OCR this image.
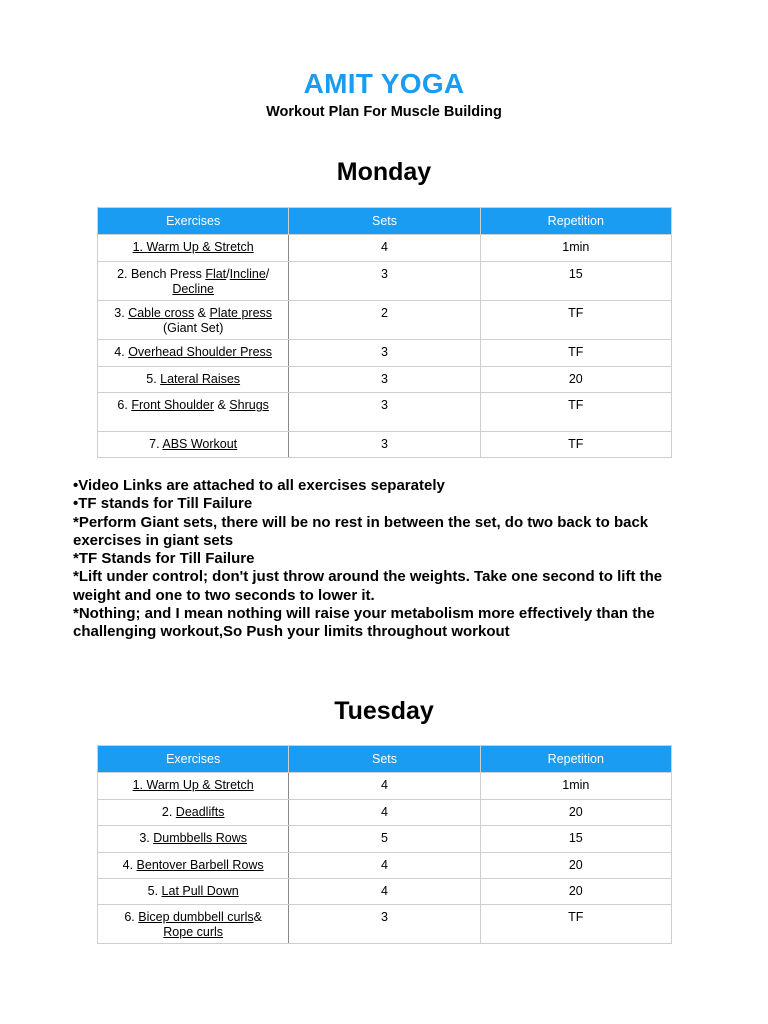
AMIT YOGA
Workout Plan For Muscle Building
Monday
Exercises	Sets	Repetition
1. Warm Up & Stretch	4	1min
2. Bench Press Flat/Incline/
Decline	3	15
3. Cable cross & Plate press
(Giant Set)	2	TF
4. Overhead Shoulder Press	3	TF
5. Lateral Raises	3	20
6. Front Shoulder & Shrugs	3	TF
7. ABS Workout	3	TF
•Video Links are attached to all exercises separately
•TF stands for Till Failure
*Perform Giant sets, there will be no rest in between the set, do two back to back exercises in giant sets
*TF Stands for Till Failure
*Lift under control; don't just throw around the weights. Take one second to lift the weight and one to two seconds to lower it.
*Nothing; and I mean nothing will raise your metabolism more effectively than the challenging workout,So Push your limits throughout workout
Tuesday
Exercises	Sets	Repetition
1. Warm Up & Stretch	4	1min
2. Deadlifts	4	20
3. Dumbbells Rows	5	15
4. Bentover Barbell Rows	4	20
5. Lat Pull Down	4	20
6. Bicep dumbbell curls&
Rope curls	3	TF
